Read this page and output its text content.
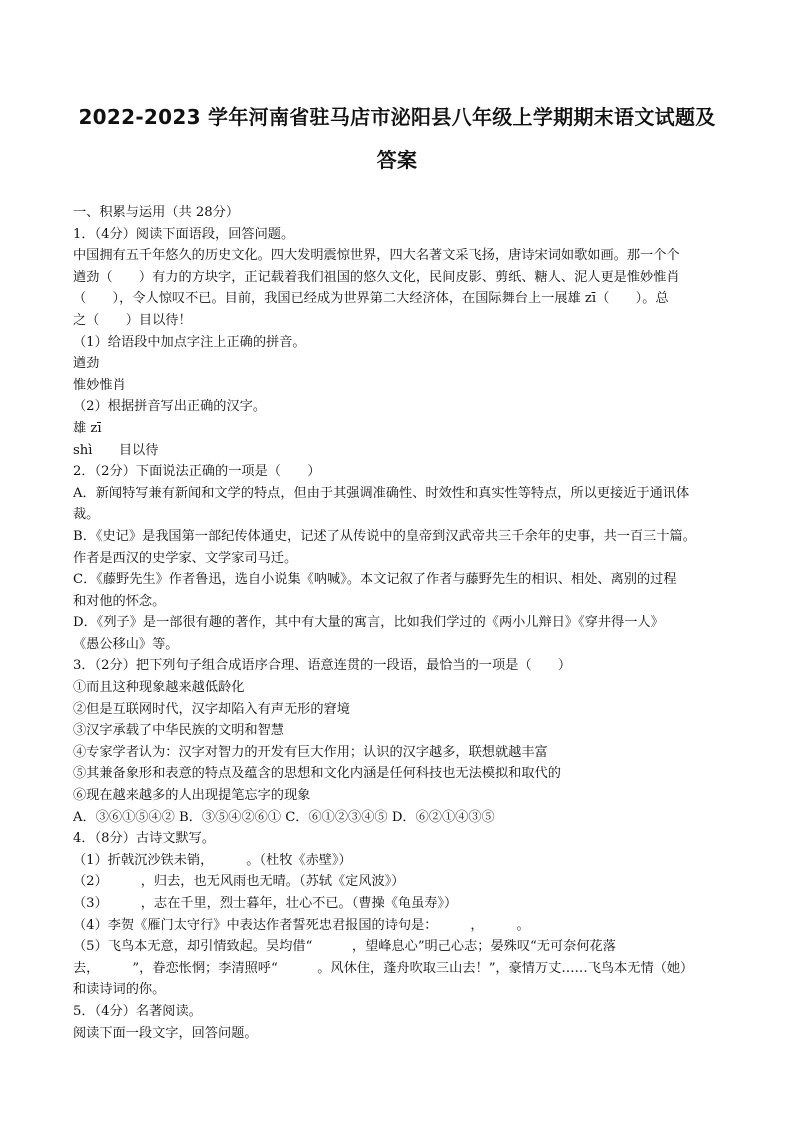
2022-2023 学年河南省驻马店市泌阳县八年级上学期期末语文试题及
答案
一、积累与运用（共 28分）
1．（4分）阅读下面语段，回答问题。
中国拥有五千年悠久的历史文化。四大发明震惊世界，四大名著文采飞扬，唐诗宋词如歌如画。那一个个
遒劲（　　）有力的方块字，正记载着我们祖国的悠久文化，民间皮影、剪纸、糖人、泥人更是惟妙惟肖
（　　），令人惊叹不已。目前，我国已经成为世界第二大经济体，在国际舞台上一展雄 zī（　　）。总
之（　　）目以待！
（1）给语段中加点字注上正确的拼音。
遒劲
惟妙惟肖
（2）根据拼音写出正确的汉字。
雄 zī
shì　　目以待
2．（2分）下面说法正确的一项是（　　）
A．新闻特写兼有新闻和文学的特点，但由于其强调准确性、时效性和真实性等特点，所以更接近于通讯体
裁。
B．《史记》是我国第一部纪传体通史，记述了从传说中的皇帝到汉武帝共三千余年的史事，共一百三十篇。
作者是西汉的史学家、文学家司马迁。
C．《藤野先生》作者鲁迅，选自小说集《呐喊》。本文记叙了作者与藤野先生的相识、相处、离别的过程
和对他的怀念。
D．《列子》是一部很有趣的著作，其中有大量的寓言，比如我们学过的《两小儿辩日》《穿井得一人》
《愚公移山》等。
3．（2分）把下列句子组合成语序合理、语意连贯的一段语，最恰当的一项是（　　）
①而且这种现象越来越低龄化
②但是互联网时代，汉字却陷入有声无形的窘境
③汉字承载了中华民族的文明和智慧
④专家学者认为：汉字对智力的开发有巨大作用；认识的汉字越多，联想就越丰富
⑤其兼备象形和表意的特点及蕴含的思想和文化内涵是任何科技也无法模拟和取代的
⑥现在越来越多的人出现提笔忘字的现象
A．③⑥①⑤④② B．③⑤④②⑥① C．⑥①②③④⑤ D．⑥②①④③⑤
4．（8分）古诗文默写。
（1）折戟沉沙铁未销，　　　。（杜牧《赤壁》）
（2）　　　，归去，也无风雨也无晴。（苏轼《定风波》）
（3）　　　，志在千里，烈士暮年，壮心不已。（曹操《龟虽寿》）
（4）李贺《雁门太守行》中表达作者誓死忠君报国的诗句是：　　　，　　　。
（5）飞鸟本无意，却引情致起。吴均借“　　　，望峰息心”明己心志；晏殊叹“无可奈何花落
去，　　　”，眷恋怅惘；李清照呼“　　　。风休住，蓬舟吹取三山去！”，豪情万丈……飞鸟本无情（她）
和读诗词的你。
5．（4分）名著阅读。
阅读下面一段文字，回答问题。
